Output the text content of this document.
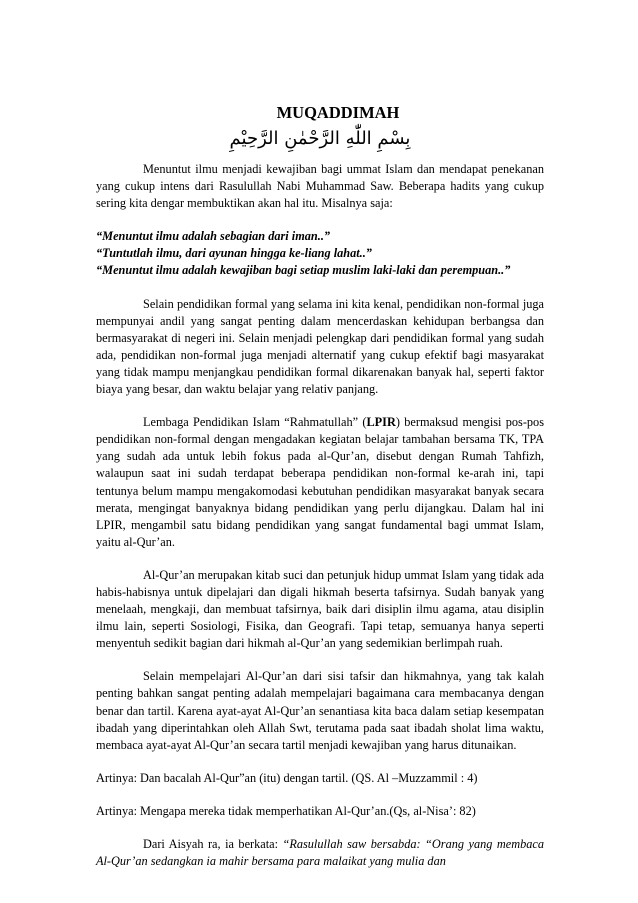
MUQADDIMAH
بِسْمِ اللّٰهِ الرَّحْمٰنِ الرَّحِيْمِ

Menuntut ilmu menjadi kewajiban bagi ummat Islam dan mendapat penekanan yang cukup intens dari Rasulullah Nabi Muhammad Saw. Beberapa hadits yang cukup sering kita dengar membuktikan akan hal itu. Misalnya saja:

“Menuntut ilmu adalah sebagian dari iman..”

“Tuntutlah ilmu, dari ayunan hingga ke-liang lahat..”

“Menuntut ilmu adalah kewajiban bagi setiap muslim laki-laki dan perempuan..”

Selain pendidikan formal yang selama ini kita kenal, pendidikan non-formal juga mempunyai andil yang sangat penting dalam mencerdaskan kehidupan berbangsa dan bermasyarakat di negeri ini. Selain menjadi pelengkap dari pendidikan formal yang sudah ada, pendidikan non-formal juga menjadi alternatif yang cukup efektif bagi masyarakat yang tidak mampu menjangkau pendidikan formal dikarenakan banyak hal, seperti faktor biaya yang besar, dan waktu belajar yang relativ panjang.

Lembaga Pendidikan Islam “Rahmatullah” (LPIR) bermaksud mengisi pos-pos pendidikan non-formal dengan mengadakan kegiatan belajar tambahan bersama TK, TPA yang sudah ada untuk lebih fokus pada al-Qur’an, disebut dengan Rumah Tahfizh, walaupun saat ini sudah terdapat beberapa pendidikan non-formal ke-arah ini, tapi tentunya belum mampu mengakomodasi kebutuhan pendidikan masyarakat banyak secara merata, mengingat banyaknya bidang pendidikan yang perlu dijangkau. Dalam hal ini LPIR, mengambil satu bidang pendidikan yang sangat fundamental bagi ummat Islam, yaitu al-Qur’an.

Al-Qur’an merupakan kitab suci dan petunjuk hidup ummat Islam yang tidak ada habis-habisnya untuk dipelajari dan digali hikmah beserta tafsirnya. Sudah banyak yang menelaah, mengkaji, dan membuat tafsirnya, baik dari disiplin ilmu agama, atau disiplin ilmu lain, seperti Sosiologi, Fisika, dan Geografi. Tapi tetap, semuanya hanya seperti menyentuh sedikit bagian dari hikmah al-Qur’an yang sedemikian berlimpah ruah.

Selain mempelajari Al-Qur’an dari sisi tafsir dan hikmahnya, yang tak kalah penting bahkan sangat penting adalah mempelajari bagaimana cara membacanya dengan benar dan tartil. Karena ayat-ayat Al-Qur’an senantiasa kita baca dalam setiap kesempatan ibadah yang diperintahkan oleh Allah Swt, terutama pada saat ibadah sholat lima waktu, membaca ayat-ayat Al-Qur’an secara tartil menjadi kewajiban yang harus ditunaikan.

Artinya: Dan bacalah Al-Qur”an (itu) dengan tartil. (QS. Al –Muzzammil : 4)

Artinya: Mengapa mereka tidak memperhatikan Al-Qur’an.(Qs, al-Nisa’: 82)

Dari Aisyah ra, ia berkata: “Rasulullah saw bersabda: “Orang yang membaca Al-Qur’an sedangkan ia mahir bersama para malaikat yang mulia dan
